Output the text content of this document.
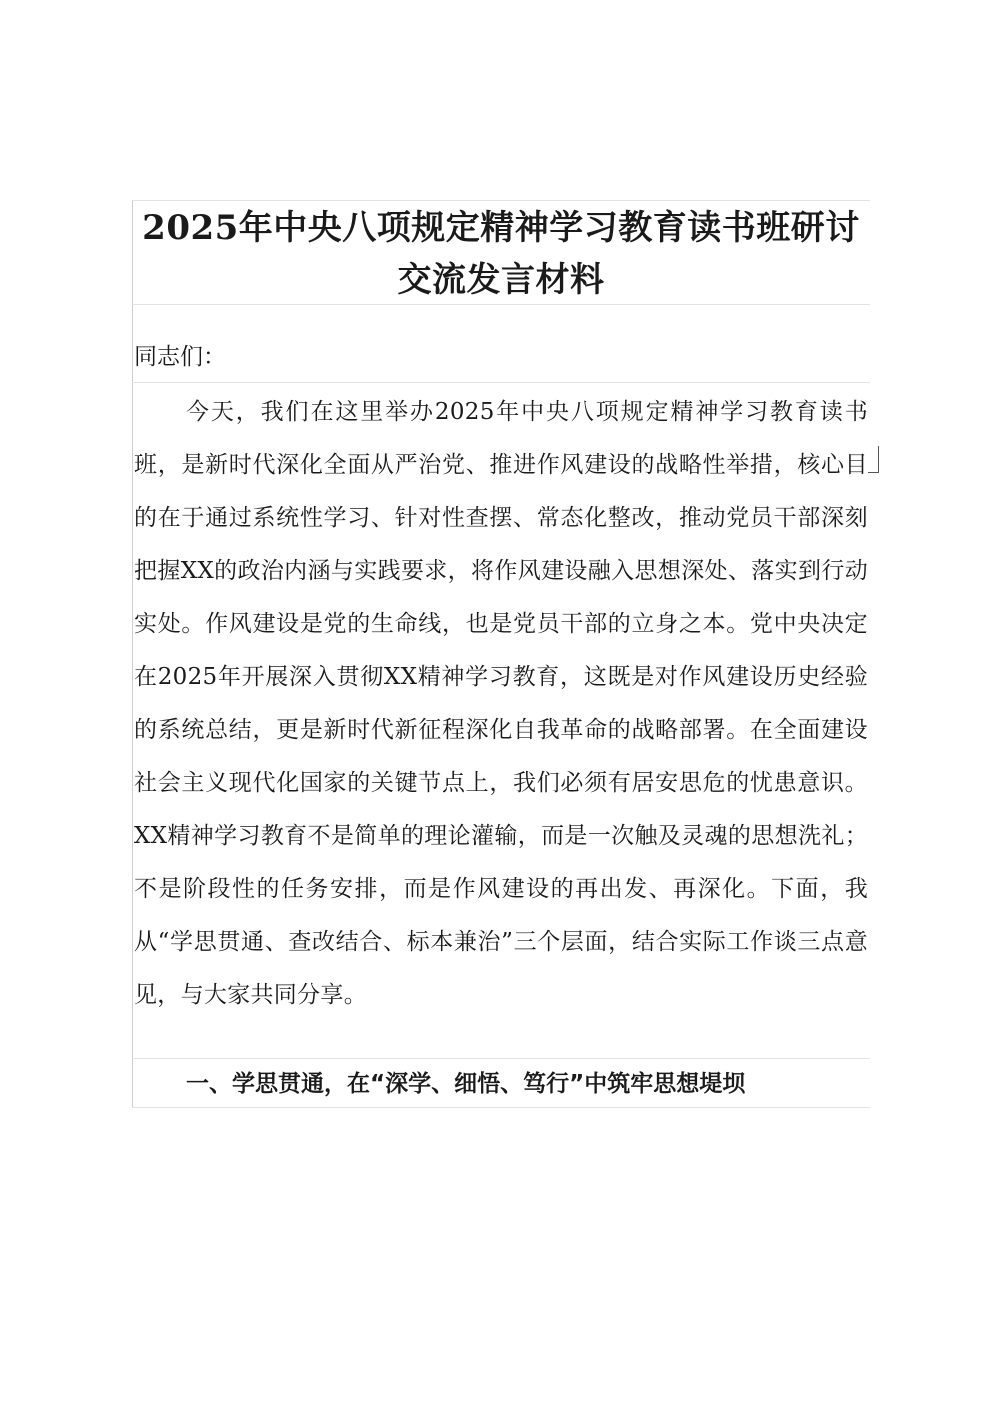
2025年中央八项规定精神学习教育读书班研讨
交流发言材料

同志们：

今天，我们在这里举办2025年中央八项规定精神学习教育读书班，是新时代深化全面从严治党、推进作风建设的战略性举措，核心目的在于通过系统性学习、针对性查摆、常态化整改，推动党员干部深刻把握XX的政治内涵与实践要求，将作风建设融入思想深处、落实到行动实处。作风建设是党的生命线，也是党员干部的立身之本。党中央决定在2025年开展深入贯彻XX精神学习教育，这既是对作风建设历史经验的系统总结，更是新时代新征程深化自我革命的战略部署。在全面建设社会主义现代化国家的关键节点上，我们必须有居安思危的忧患意识。XX精神学习教育不是简单的理论灌输，而是一次触及灵魂的思想洗礼；不是阶段性的任务安排，而是作风建设的再出发、再深化。下面，我从“学思贯通、查改结合、标本兼治”三个层面，结合实际工作谈三点意见，与大家共同分享。

一、学思贯通，在“深学、细悟、笃行”中筑牢思想堤坝
